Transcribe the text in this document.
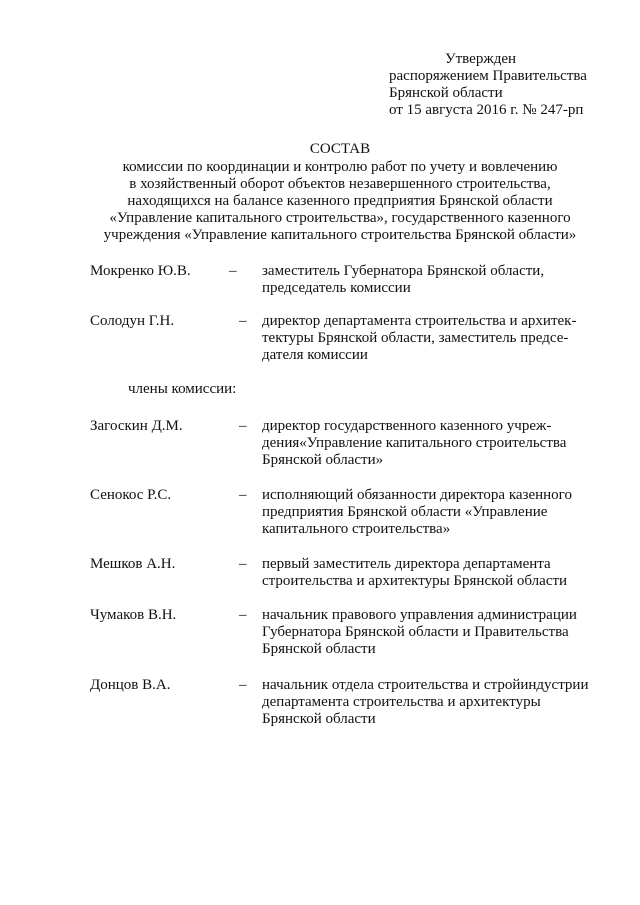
Утвержден
распоряжением Правительства
Брянской области
от 15 августа 2016 г. № 247-рп
СОСТАВ
комиссии по координации и контролю работ по учету и вовлечению
в хозяйственный оборот объектов незавершенного строительства,
находящихся на балансе казенного предприятия Брянской области
«Управление капитального строительства», государственного казенного
учреждения «Управление капитального строительства Брянской области»
Мокренко Ю.В.	– заместитель Губернатора Брянской области,
председатель комиссии
Солодун Г.Н.	– директор департамента строительства и архитек-
тектуры Брянской области, заместитель предсе-
дателя комиссии
члены комиссии:
Загоскин Д.М.	– директор государственного казенного учреж-
дения«Управление капитального строительства
Брянской области»
Сенокос Р.С.	– исполняющий обязанности директора казенного
предприятия Брянской области «Управление
капитального строительства»
Мешков А.Н.	– первый заместитель директора департамента
строительства и архитектуры Брянской области
Чумаков В.Н.	– начальник правового управления администрации
Губернатора Брянской области и Правительства
Брянской области
Донцов В.А.	– начальник отдела строительства и стройиндустрии
департамента строительства и архитектуры
Брянской области
